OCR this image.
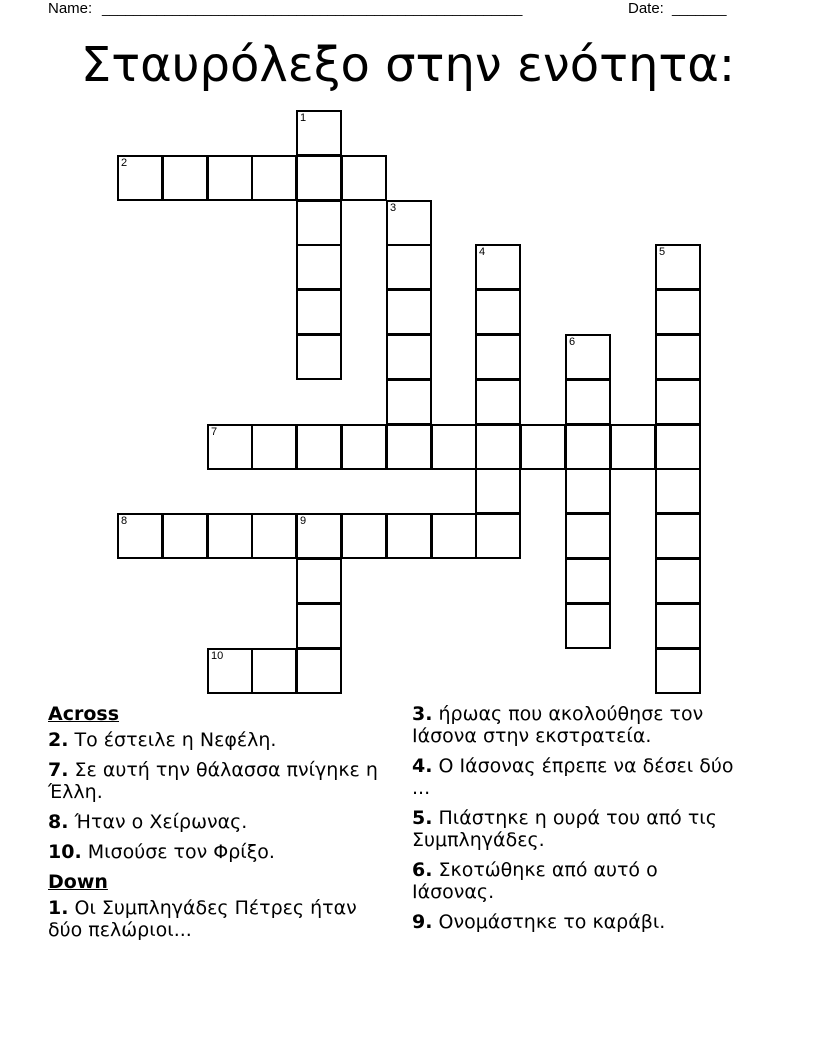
Name: ______________________________________________________	Date: _______
Σταυρόλεξο στην ενότητα:
1
2
3
4	5
6
7
8	9
10
Across
2. Το έστειλε η Νεφέλη.
7. Σε αυτή την θάλασσα πνίγηκε η Έλλη.
8. Ήταν ο Χείρωνας.
10. Μισούσε τον Φρίξο.
Down
1. Οι Συμπληγάδες Πέτρες ήταν δύο πελώριοι...
3. ήρωας που ακολούθησε τον Ιάσονα στην εκστρατεία.
4. Ο Ιάσονας έπρεπε να δέσει δύο ...
5. Πιάστηκε η ουρά του από τις Συμπληγάδες.
6. Σκοτώθηκε από αυτό ο Ιάσονας.
9. Ονομάστηκε το καράβι.
